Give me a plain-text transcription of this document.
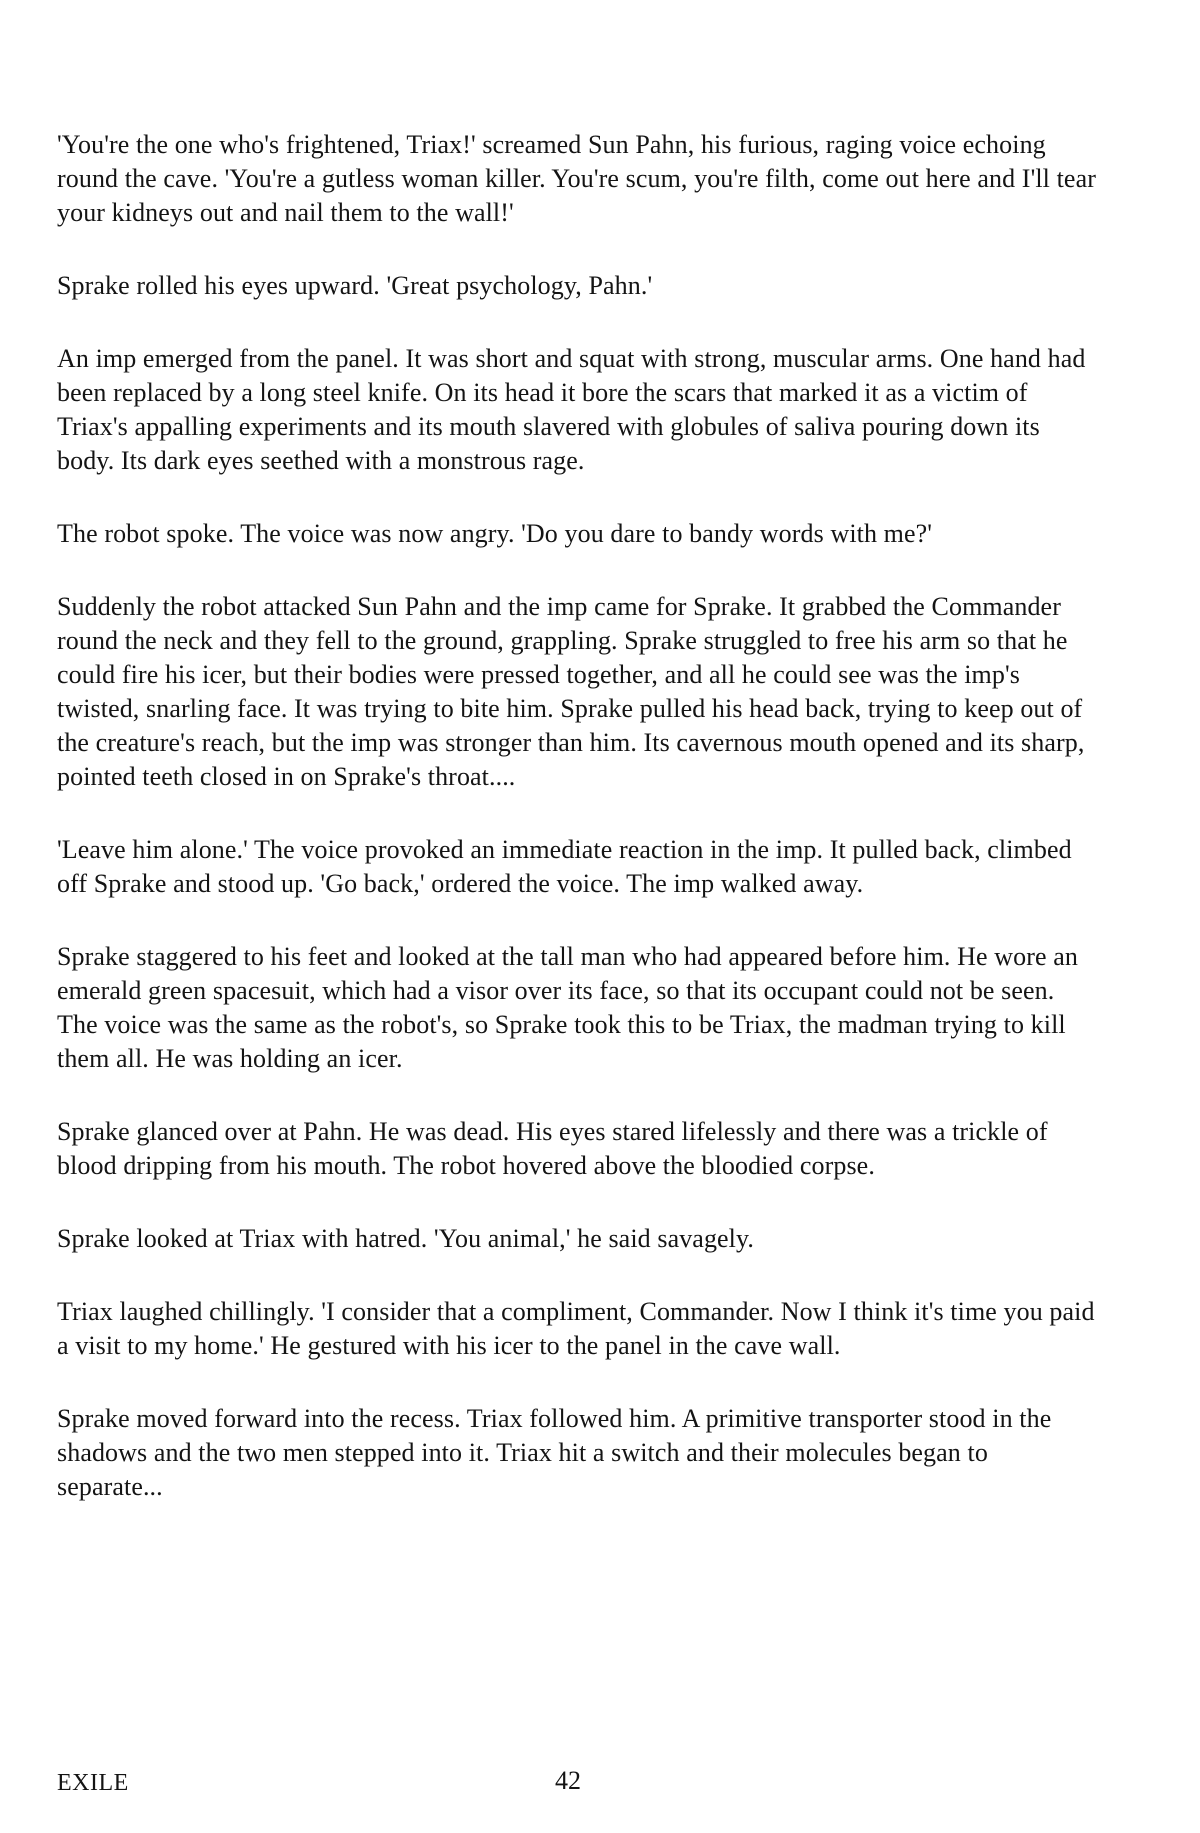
'You're the one who's frightened, Triax!' screamed Sun Pahn, his furious, raging voice echoing round the cave. 'You're a gutless woman killer. You're scum, you're filth, come out here and I'll tear your kidneys out and nail them to the wall!'

Sprake rolled his eyes upward. 'Great psychology, Pahn.'

An imp emerged from the panel. It was short and squat with strong, muscular arms. One hand had been replaced by a long steel knife. On its head it bore the scars that marked it as a victim of Triax's appalling experiments and its mouth slavered with globules of saliva pouring down its body. Its dark eyes seethed with a monstrous rage.

The robot spoke. The voice was now angry. 'Do you dare to bandy words with me?'

Suddenly the robot attacked Sun Pahn and the imp came for Sprake. It grabbed the Commander round the neck and they fell to the ground, grappling. Sprake struggled to free his arm so that he could fire his icer, but their bodies were pressed together, and all he could see was the imp's twisted, snarling face. It was trying to bite him. Sprake pulled his head back, trying to keep out of the creature's reach, but the imp was stronger than him. Its cavernous mouth opened and its sharp, pointed teeth closed in on Sprake's throat....

'Leave him alone.' The voice provoked an immediate reaction in the imp. It pulled back, climbed off Sprake and stood up. 'Go back,' ordered the voice. The imp walked away.

Sprake staggered to his feet and looked at the tall man who had appeared before him. He wore an emerald green spacesuit, which had a visor over its face, so that its occupant could not be seen. The voice was the same as the robot's, so Sprake took this to be Triax, the madman trying to kill them all. He was holding an icer.

Sprake glanced over at Pahn. He was dead. His eyes stared lifelessly and there was a trickle of blood dripping from his mouth. The robot hovered above the bloodied corpse.

Sprake looked at Triax with hatred. 'You animal,' he said savagely.

Triax laughed chillingly. 'I consider that a compliment, Commander. Now I think it's time you paid a visit to my home.' He gestured with his icer to the panel in the cave wall.

Sprake moved forward into the recess. Triax followed him. A primitive transporter stood in the shadows and the two men stepped into it. Triax hit a switch and their molecules began to separate...

EXILE	42
